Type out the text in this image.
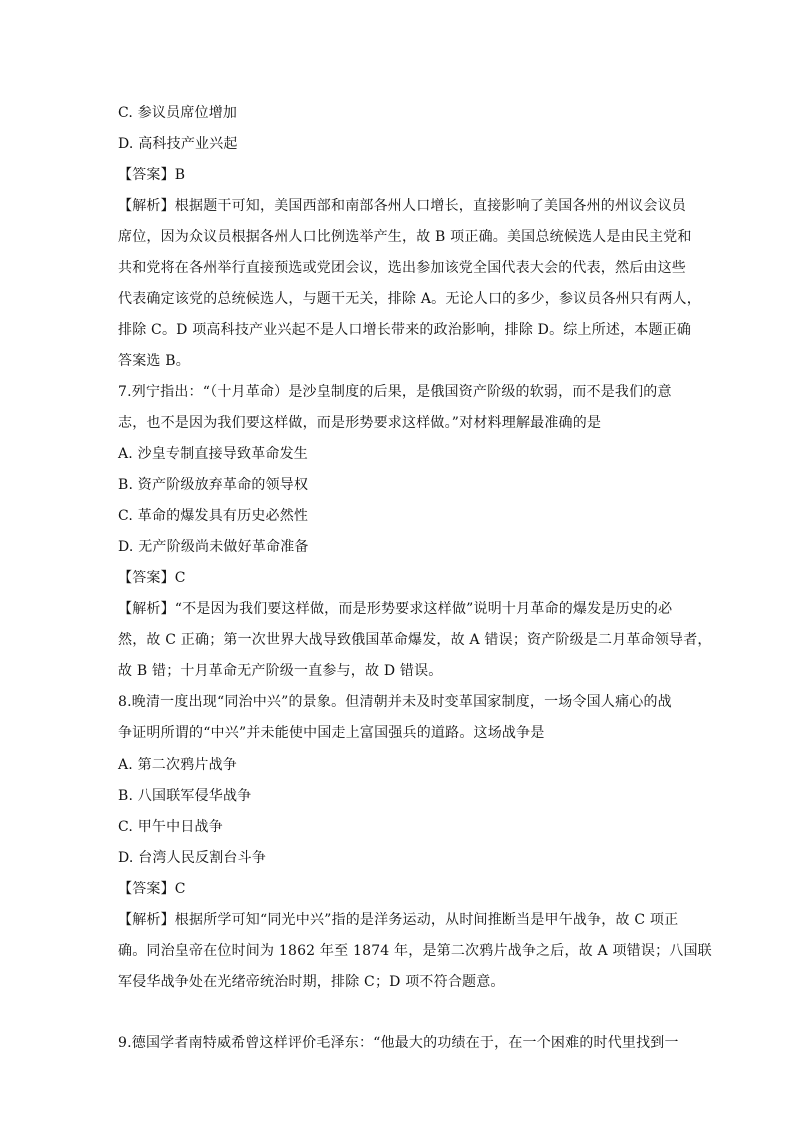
C. 参议员席位增加
D. 高科技产业兴起
【答案】B
【解析】根据题干可知，美国西部和南部各州人口增长，直接影响了美国各州的州议会议员
席位，因为众议员根据各州人口比例选举产生，故 B 项正确。美国总统候选人是由民主党和
共和党将在各州举行直接预选或党团会议，选出参加该党全国代表大会的代表，然后由这些
代表确定该党的总统候选人，与题干无关，排除 A。无论人口的多少，参议员各州只有两人，
排除 C。D 项高科技产业兴起不是人口增长带来的政治影响，排除 D。综上所述，本题正确
答案选 B。
7.列宁指出：“（十月革命）是沙皇制度的后果，是俄国资产阶级的软弱，而不是我们的意
志，也不是因为我们要这样做，而是形势要求这样做。”对材料理解最准确的是
A. 沙皇专制直接导致革命发生
B. 资产阶级放弃革命的领导权
C. 革命的爆发具有历史必然性
D. 无产阶级尚未做好革命准备
【答案】C
【解析】“不是因为我们要这样做，而是形势要求这样做”说明十月革命的爆发是历史的必
然，故 C 正确；第一次世界大战导致俄国革命爆发，故 A 错误；资产阶级是二月革命领导者，
故 B 错；十月革命无产阶级一直参与，故 D 错误。
8.晚清一度出现“同治中兴”的景象。但清朝并未及时变革国家制度，一场令国人痛心的战
争证明所谓的“中兴”并未能使中国走上富国强兵的道路。这场战争是
A. 第二次鸦片战争
B. 八国联军侵华战争
C. 甲午中日战争
D. 台湾人民反割台斗争
【答案】C
【解析】根据所学可知“同光中兴”指的是洋务运动，从时间推断当是甲午战争，故 C 项正
确。同治皇帝在位时间为 1862 年至 1874 年，是第二次鸦片战争之后，故 A 项错误；八国联
军侵华战争处在光绪帝统治时期，排除 C；D 项不符合题意。
9.德国学者南特威希曾这样评价毛泽东：“他最大的功绩在于，在一个困难的时代里找到一
